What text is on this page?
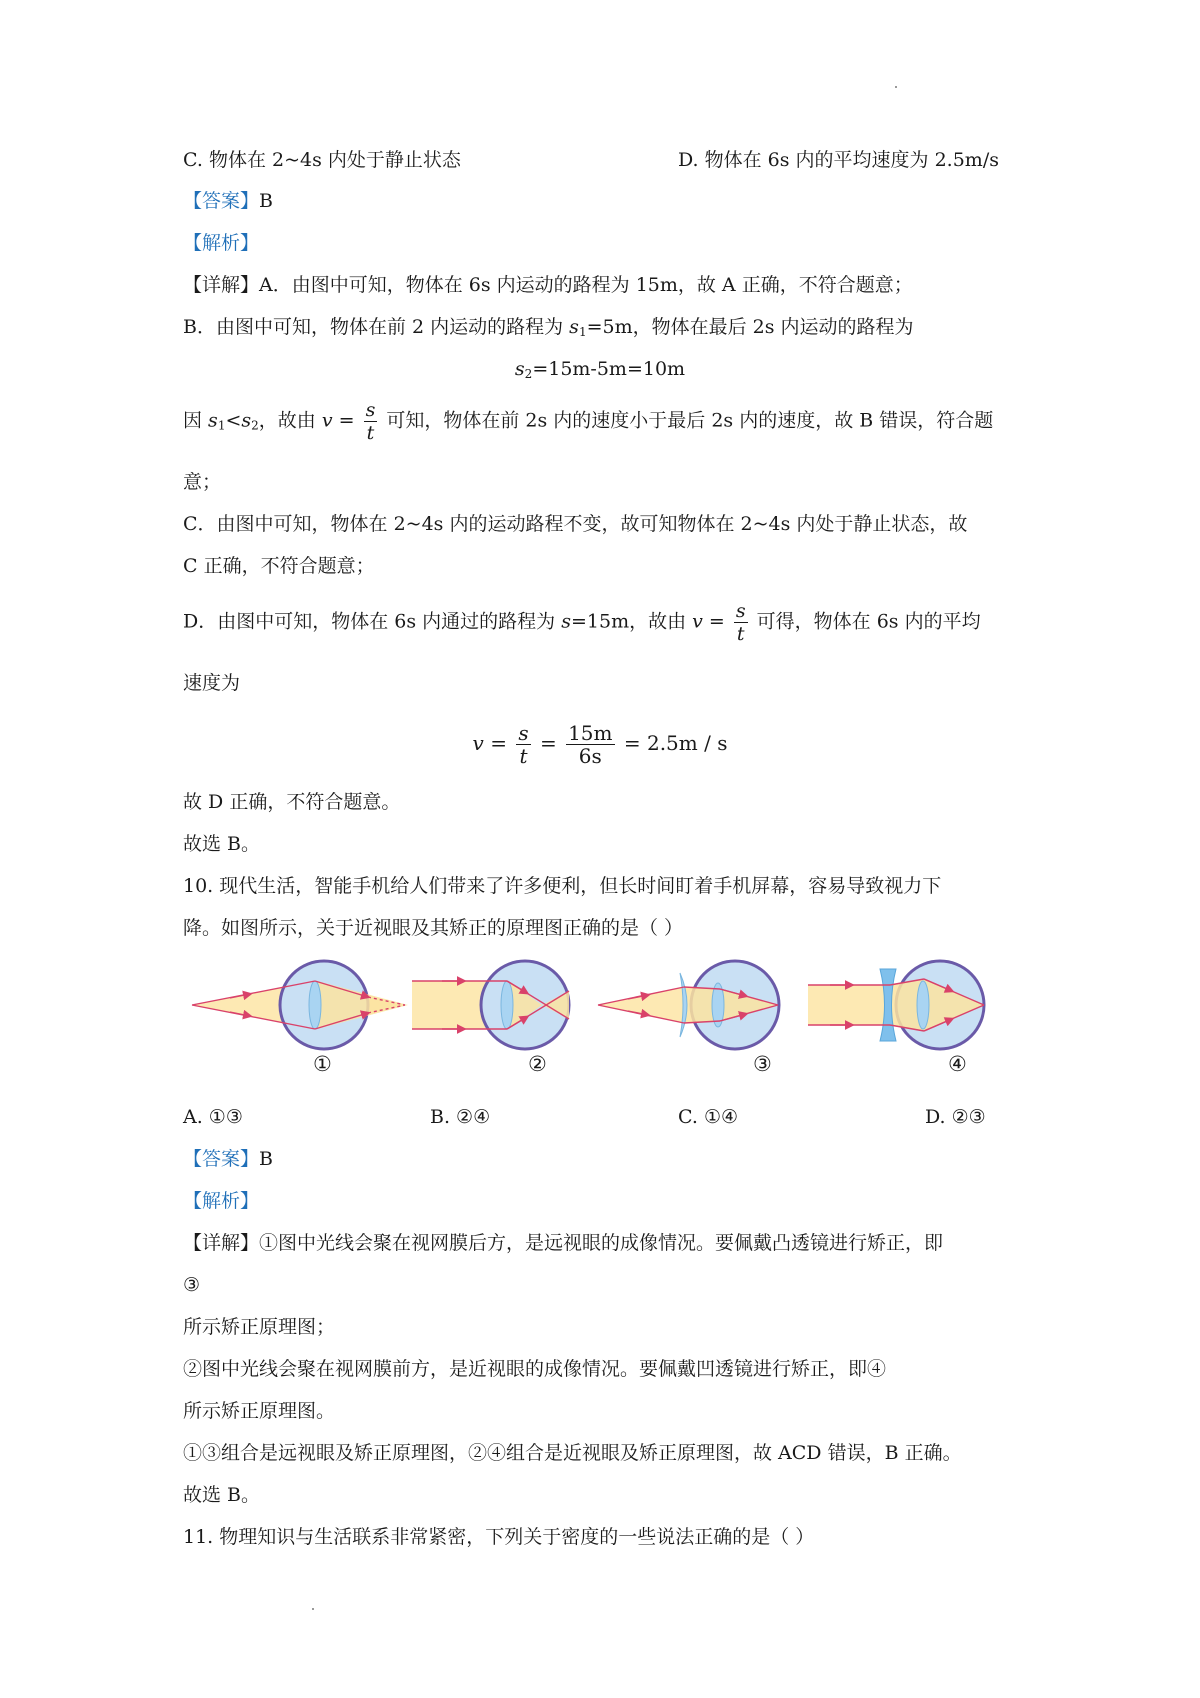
C. 物体在 2~4s 内处于静止状态	D. 物体在 6s 内的平均速度为 2.5m/s
【答案】B
【解析】
【详解】A．由图中可知，物体在 6s 内运动的路程为 15m，故 A 正确，不符合题意；
B．由图中可知，物体在前 2 内运动的路程为 $s_1=5m$，物体在最后 2s 内运动的路程为
$s_2=15m-5m=10m$
因 $s_1<s_2$，故由 $v = \frac{s}{t}$ 可知，物体在前 2s 内的速度小于最后 2s 内的速度，故 B 错误，符合题
意；
C．由图中可知，物体在 2~4s 内的运动路程不变，故可知物体在 2~4s 内处于静止状态，故
C 正确，不符合题意；
D．由图中可知，物体在 6s 内通过的路程为 s=15m，故由 $v = \frac{s}{t}$ 可得，物体在 6s 内的平均
速度为
$v = \frac{s}{t} = \frac{15m}{6s} = 2.5m / s$
故 D 正确，不符合题意。
故选 B。
10. 现代生活，智能手机给人们带来了许多便利，但长时间盯着手机屏幕，容易导致视力下
降。如图所示，关于近视眼及其矫正的原理图正确的是（ ）
①	②	③	④
A. ①③	B. ②④	C. ①④	D. ②③
【答案】B
【解析】
【详解】①图中光线会聚在视网膜后方，是远视眼的成像情况。要佩戴凸透镜进行矫正，即
③
所示矫正原理图；
②图中光线会聚在视网膜前方，是近视眼的成像情况。要佩戴凹透镜进行矫正，即④
所示矫正原理图。
①③组合是远视眼及矫正原理图，②④组合是近视眼及矫正原理图，故 ACD 错误，B 正确。
故选 B。
11. 物理知识与生活联系非常紧密，下列关于密度的一些说法正确的是（ ）
